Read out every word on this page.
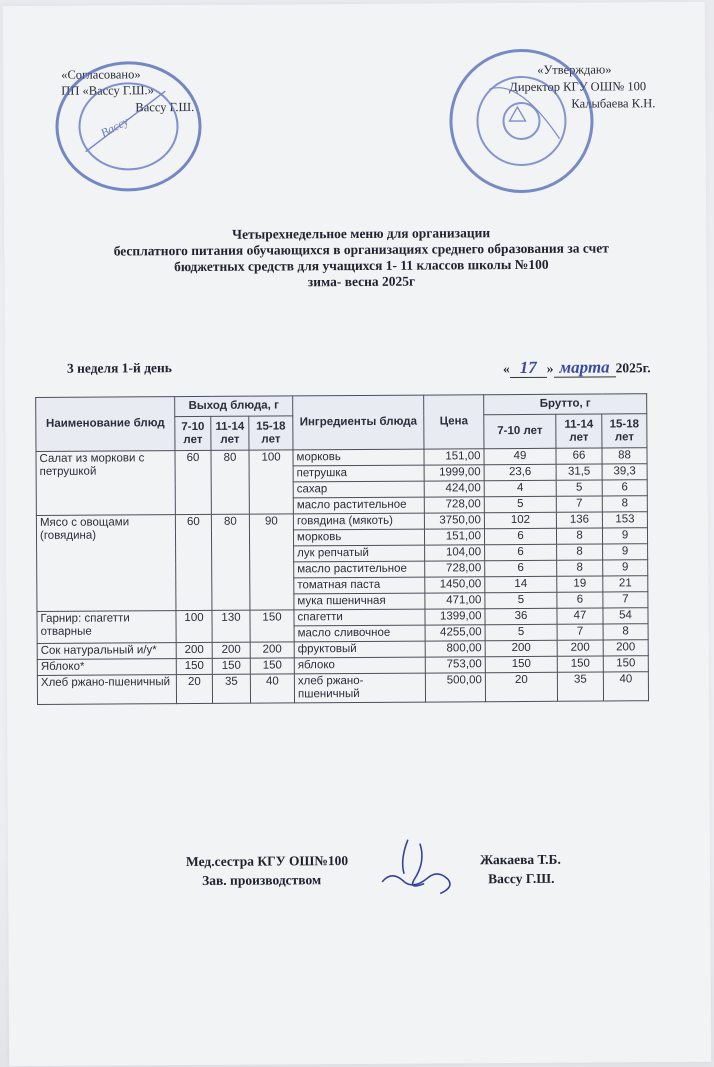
«Согласовано»
ПП «Вассу Г.Ш.»
Вассу Г.Ш.
«Утверждаю»
Директор КГУ ОШ№ 100
Калыбаева К.Н.
Вассу
Четырехнедельное меню для организации
бесплатного питания обучающихся в организациях среднего образования за счет
бюджетных средств для учащихся 1- 11 классов школы №100
зима- весна 2025г
3 неделя 1-й день	« 17 » марта 2025г.
Наименование блюд	Выход блюда, г			Ингредиенты блюда	Цена	Брутто, г		
	7-10 лет	11-14 лет	15-18 лет			7-10 лет	11-14 лет	15-18 лет
Салат из моркови с петрушкой	60	80	100	морковь	151,00	49	66	88
				петрушка	1999,00	23,6	31,5	39,3
				сахар	424,00	4	5	6
				масло растительное	728,00	5	7	8
Мясо с овощами (говядина)	60	80	90	говядина (мякоть)	3750,00	102	136	153
				морковь	151,00	6	8	9
				лук репчатый	104,00	6	8	9
				масло растительное	728,00	6	8	9
				томатная паста	1450,00	14	19	21
				мука пшеничная	471,00	5	6	7
Гарнир: спагетти отварные	100	130	150	спагетти	1399,00	36	47	54
				масло сливочное	4255,00	5	7	8
Сок натуральный и/у*	200	200	200	фруктовый	800,00	200	200	200
Яблоко*	150	150	150	яблоко	753,00	150	150	150
Хлеб ржано-пшеничный	20	35	40	хлеб ржано-пшеничный	500,00	20	35	40
Мед.сестра КГУ ОШ№100	Жакаева Т.Б.
Зав. производством	Вассу Г.Ш.
